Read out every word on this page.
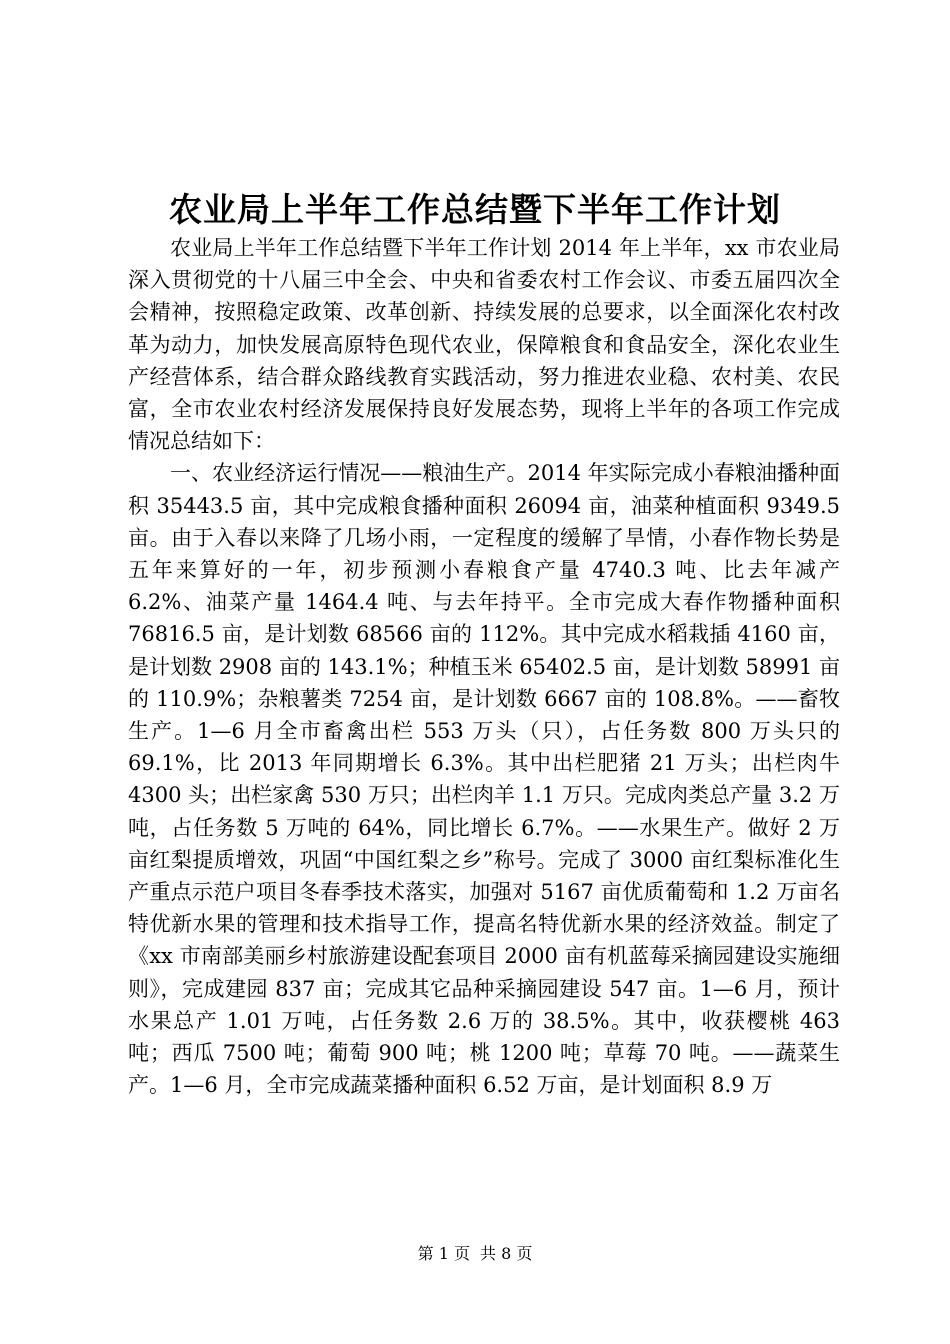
农业局上半年工作总结暨下半年工作计划

农业局上半年工作总结暨下半年工作计划 2014 年上半年，xx 市农业局深入贯彻党的十八届三中全会、中央和省委农村工作会议、市委五届四次全会精神，按照稳定政策、改革创新、持续发展的总要求，以全面深化农村改革为动力，加快发展高原特色现代农业，保障粮食和食品安全，深化农业生产经营体系，结合群众路线教育实践活动，努力推进农业稳、农村美、农民富，全市农业农村经济发展保持良好发展态势，现将上半年的各项工作完成情况总结如下：

一、农业经济运行情况——粮油生产。2014 年实际完成小春粮油播种面积 35443.5 亩，其中完成粮食播种面积 26094 亩，油菜种植面积 9349.5 亩。由于入春以来降了几场小雨，一定程度的缓解了旱情，小春作物长势是五年来算好的一年，初步预测小春粮食产量 4740.3 吨、比去年减产 6.2%、油菜产量 1464.4 吨、与去年持平。全市完成大春作物播种面积 76816.5 亩，是计划数 68566 亩的 112%。其中完成水稻栽插 4160 亩，是计划数 2908 亩的 143.1%；种植玉米 65402.5 亩，是计划数 58991 亩的 110.9%；杂粮薯类 7254 亩，是计划数 6667 亩的 108.8%。——畜牧生产。1—6 月全市畜禽出栏 553 万头（只），占任务数 800 万头只的 69.1%，比 2013 年同期增长 6.3%。其中出栏肥猪 21 万头；出栏肉牛 4300 头；出栏家禽 530 万只；出栏肉羊 1.1 万只。完成肉类总产量 3.2 万吨，占任务数 5 万吨的 64%，同比增长 6.7%。——水果生产。做好 2 万亩红梨提质增效，巩固“中国红梨之乡”称号。完成了 3000 亩红梨标准化生产重点示范户项目冬春季技术落实，加强对 5167 亩优质葡萄和 1.2 万亩名特优新水果的管理和技术指导工作，提高名特优新水果的经济效益。制定了《xx 市南部美丽乡村旅游建设配套项目 2000 亩有机蓝莓采摘园建设实施细则》，完成建园 837 亩；完成其它品种采摘园建设 547 亩。1—6 月，预计水果总产 1.01 万吨，占任务数 2.6 万的 38.5%。其中，收获樱桃 463 吨；西瓜 7500 吨；葡萄 900 吨；桃 1200 吨；草莓 70 吨。——蔬菜生产。1—6 月，全市完成蔬菜播种面积 6.52 万亩，是计划面积 8.9 万

第 1 页 共 8 页
